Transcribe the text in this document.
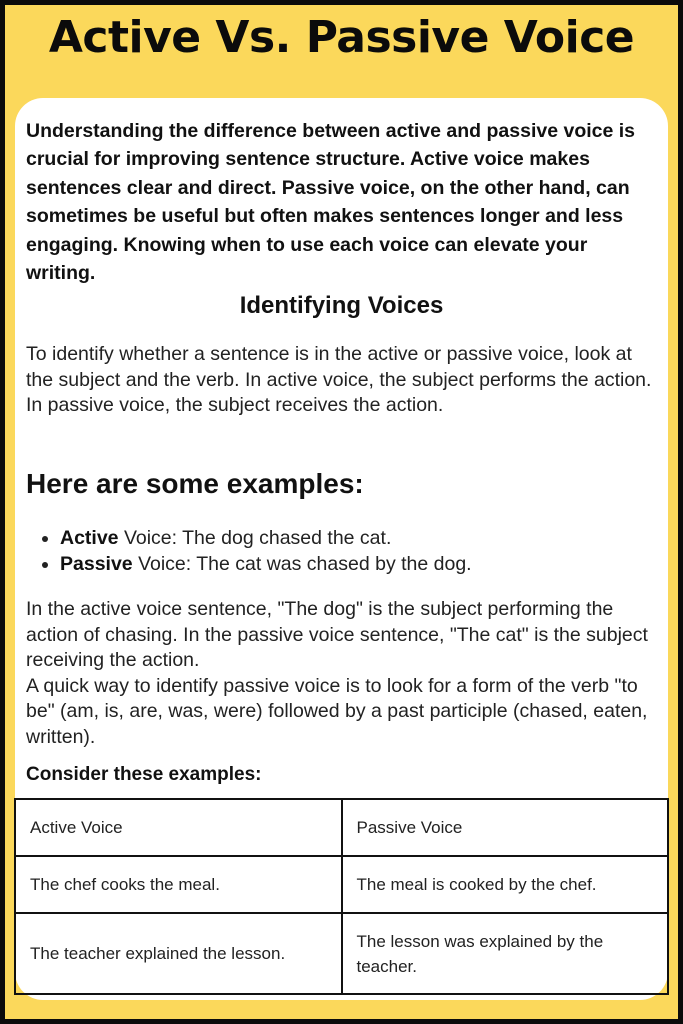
Active Vs. Passive Voice
Understanding the difference between active and passive voice is crucial for improving sentence structure. Active voice makes sentences clear and direct. Passive voice, on the other hand, can sometimes be useful but often makes sentences longer and less engaging. Knowing when to use each voice can elevate your writing.
Identifying Voices
To identify whether a sentence is in the active or passive voice, look at the subject and the verb. In active voice, the subject performs the action. In passive voice, the subject receives the action.
Here are some examples:
• Active Voice: The dog chased the cat.
• Passive Voice: The cat was chased by the dog.
In the active voice sentence, "The dog" is the subject performing the action of chasing. In the passive voice sentence, "The cat" is the subject receiving the action.
A quick way to identify passive voice is to look for a form of the verb "to be" (am, is, are, was, were) followed by a past participle (chased, eaten, written).
Consider these examples:
Active Voice	Passive Voice
The chef cooks the meal.	The meal is cooked by the chef.
The teacher explained the lesson.	The lesson was explained by the teacher.
